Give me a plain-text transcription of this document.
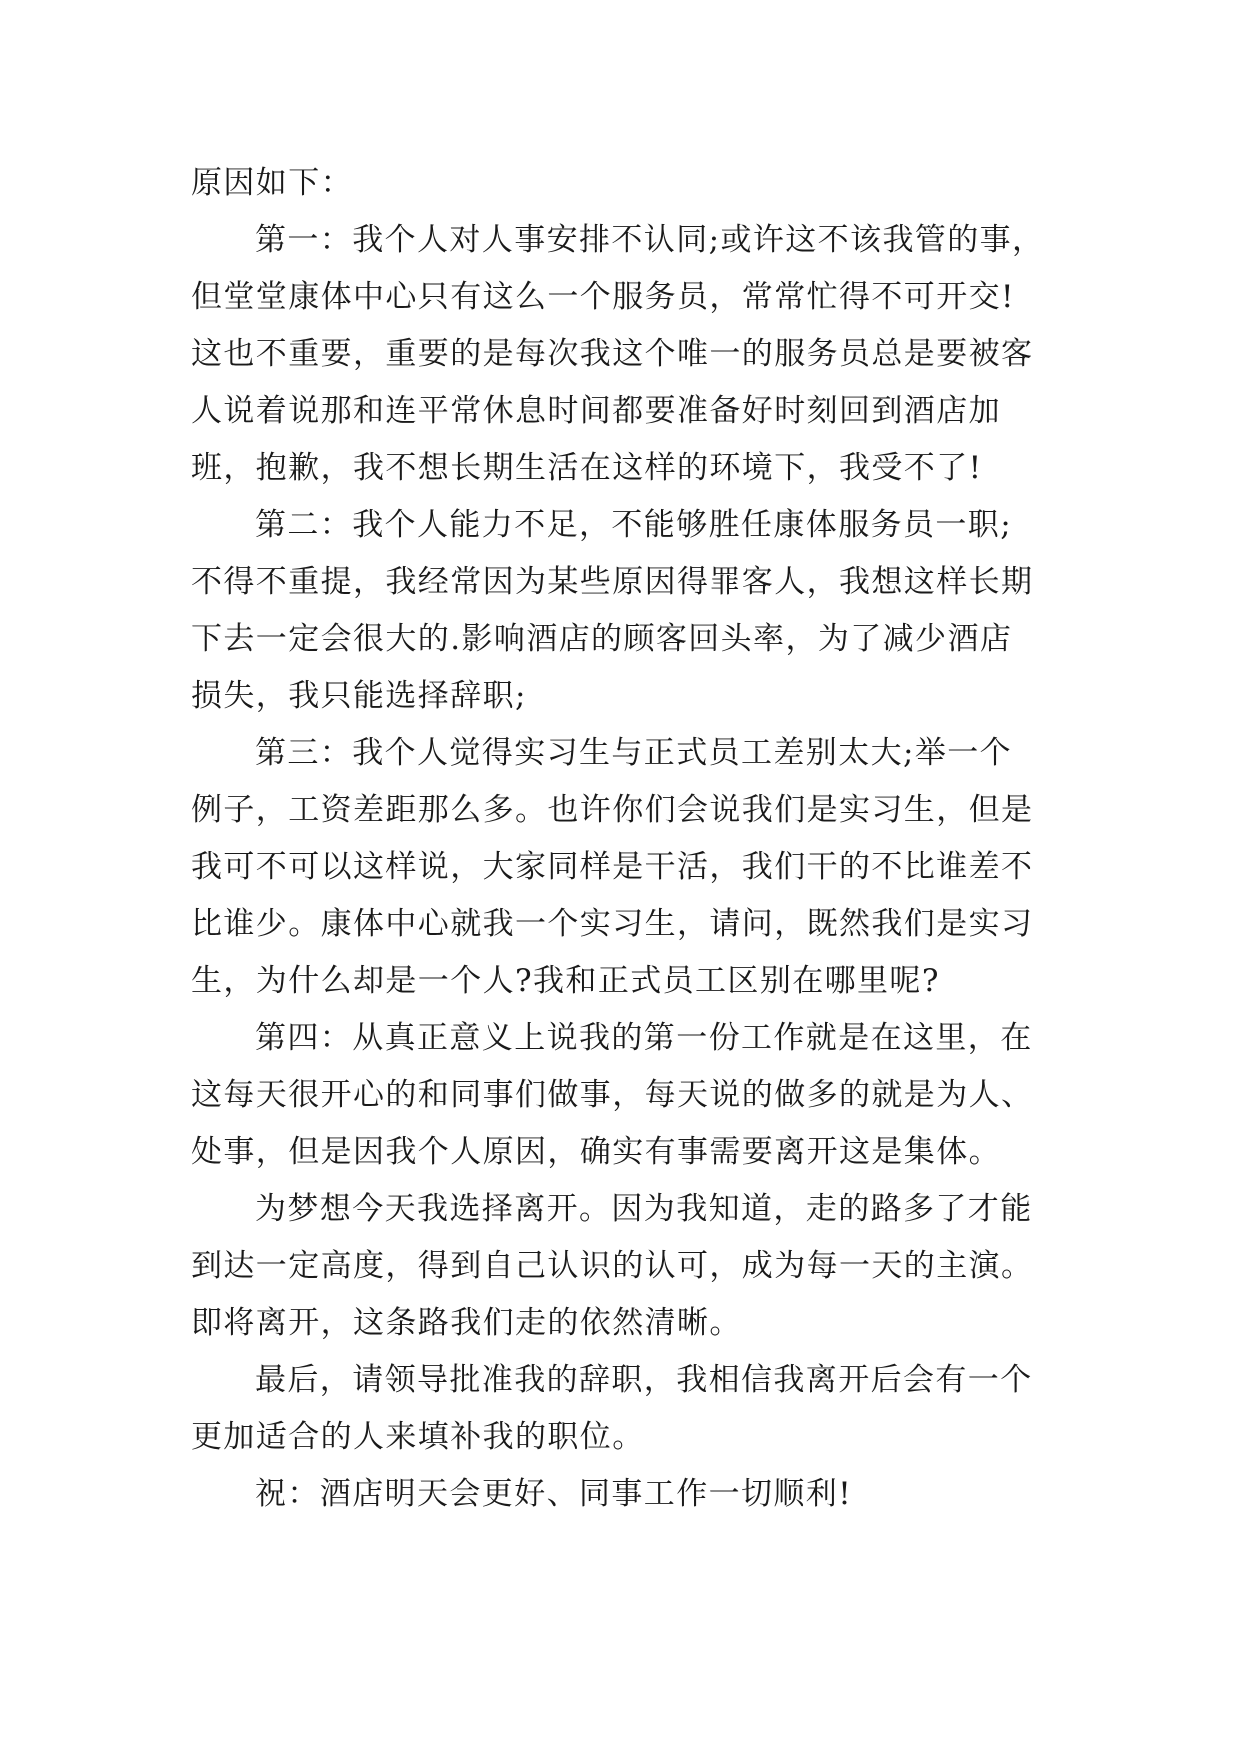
原因如下：
第一：我个人对人事安排不认同;或许这不该我管的事，
但堂堂康体中心只有这么一个服务员，常常忙得不可开交!
这也不重要，重要的是每次我这个唯一的服务员总是要被客
人说着说那和连平常休息时间都要准备好时刻回到酒店加
班，抱歉，我不想长期生活在这样的环境下，我受不了!
第二：我个人能力不足，不能够胜任康体服务员一职;
不得不重提，我经常因为某些原因得罪客人，我想这样长期
下去一定会很大的.影响酒店的顾客回头率，为了减少酒店
损失，我只能选择辞职;
第三：我个人觉得实习生与正式员工差别太大;举一个
例子，工资差距那么多。也许你们会说我们是实习生，但是
我可不可以这样说，大家同样是干活，我们干的不比谁差不
比谁少。康体中心就我一个实习生，请问，既然我们是实习
生，为什么却是一个人?我和正式员工区别在哪里呢?
第四：从真正意义上说我的第一份工作就是在这里，在
这每天很开心的和同事们做事，每天说的做多的就是为人、
处事，但是因我个人原因，确实有事需要离开这是集体。
为梦想今天我选择离开。因为我知道，走的路多了才能
到达一定高度，得到自己认识的认可，成为每一天的主演。
即将离开，这条路我们走的依然清晰。
最后，请领导批准我的辞职，我相信我离开后会有一个
更加适合的人来填补我的职位。
祝：酒店明天会更好、同事工作一切顺利!
